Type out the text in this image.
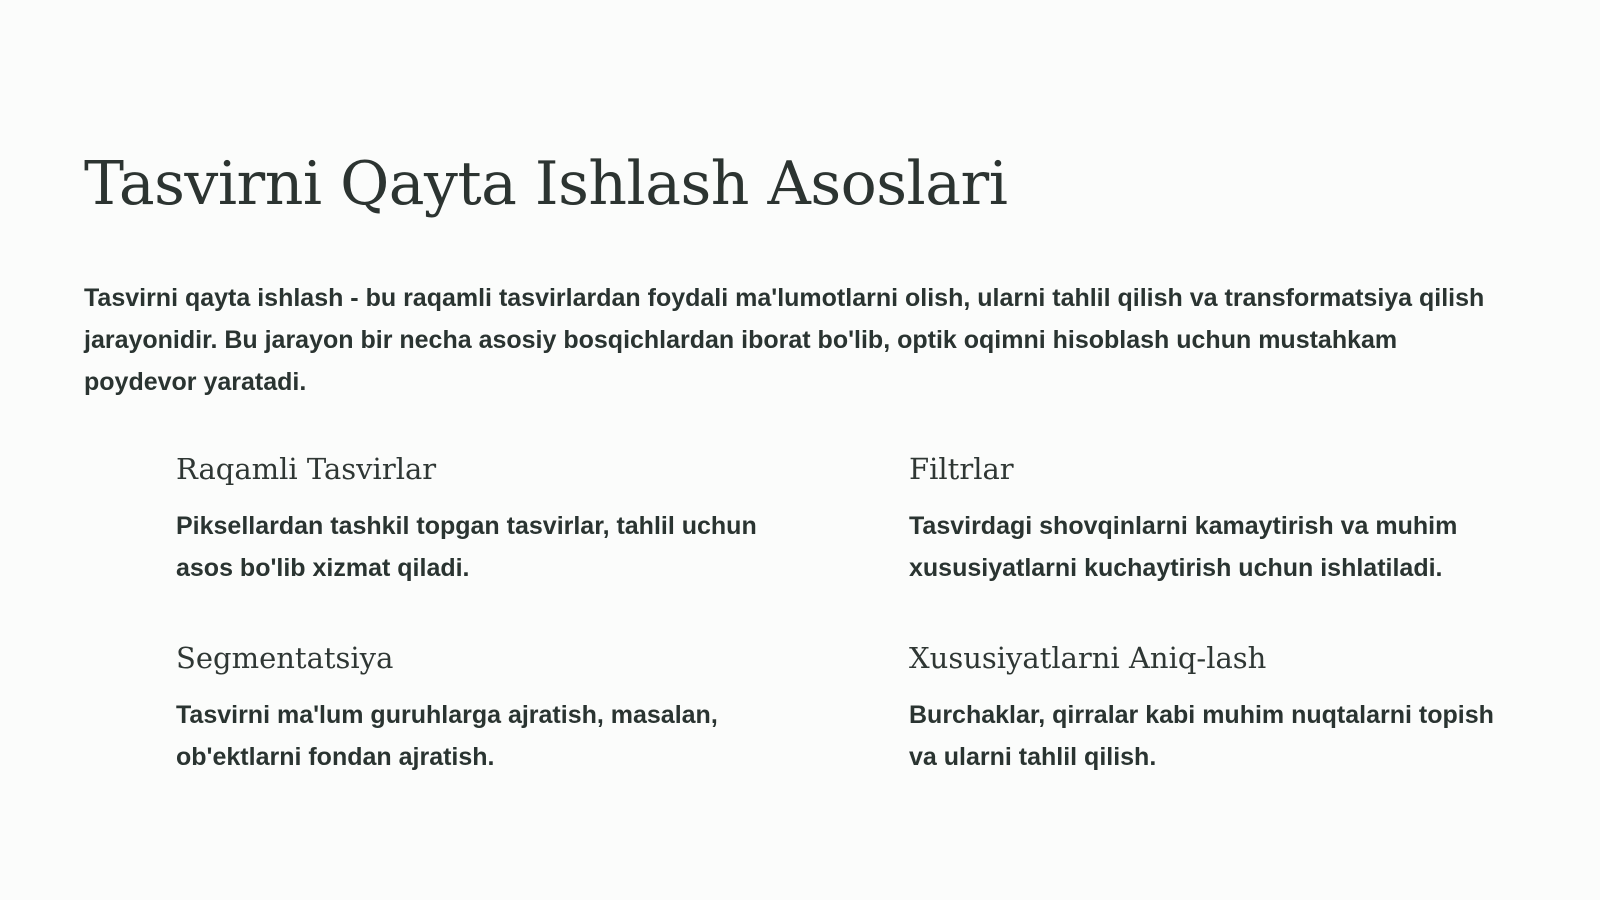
Tasvirni Qayta Ishlash Asoslari

Tasvirni qayta ishlash - bu raqamli tasvirlardan foydali ma'lumotlarni olish, ularni tahlil qilish va transformatsiya qilish jarayonidir. Bu jarayon bir necha asosiy bosqichlardan iborat bo'lib, optik oqimni hisoblash uchun mustahkam poydevor yaratadi.

Raqamli Tasvirlar

Piksellardan tashkil topgan tasvirlar, tahlil uchun asos bo'lib xizmat qiladi.

Filtrlar

Tasvirdagi shovqinlarni kamaytirish va muhim xususiyatlarni kuchaytirish uchun ishlatiladi.

Segmentatsiya

Tasvirni ma'lum guruhlarga ajratish, masalan, ob'ektlarni fondan ajratish.

Xususiyatlarni Aniq-lash

Burchaklar, qirralar kabi muhim nuqtalarni topish va ularni tahlil qilish.
